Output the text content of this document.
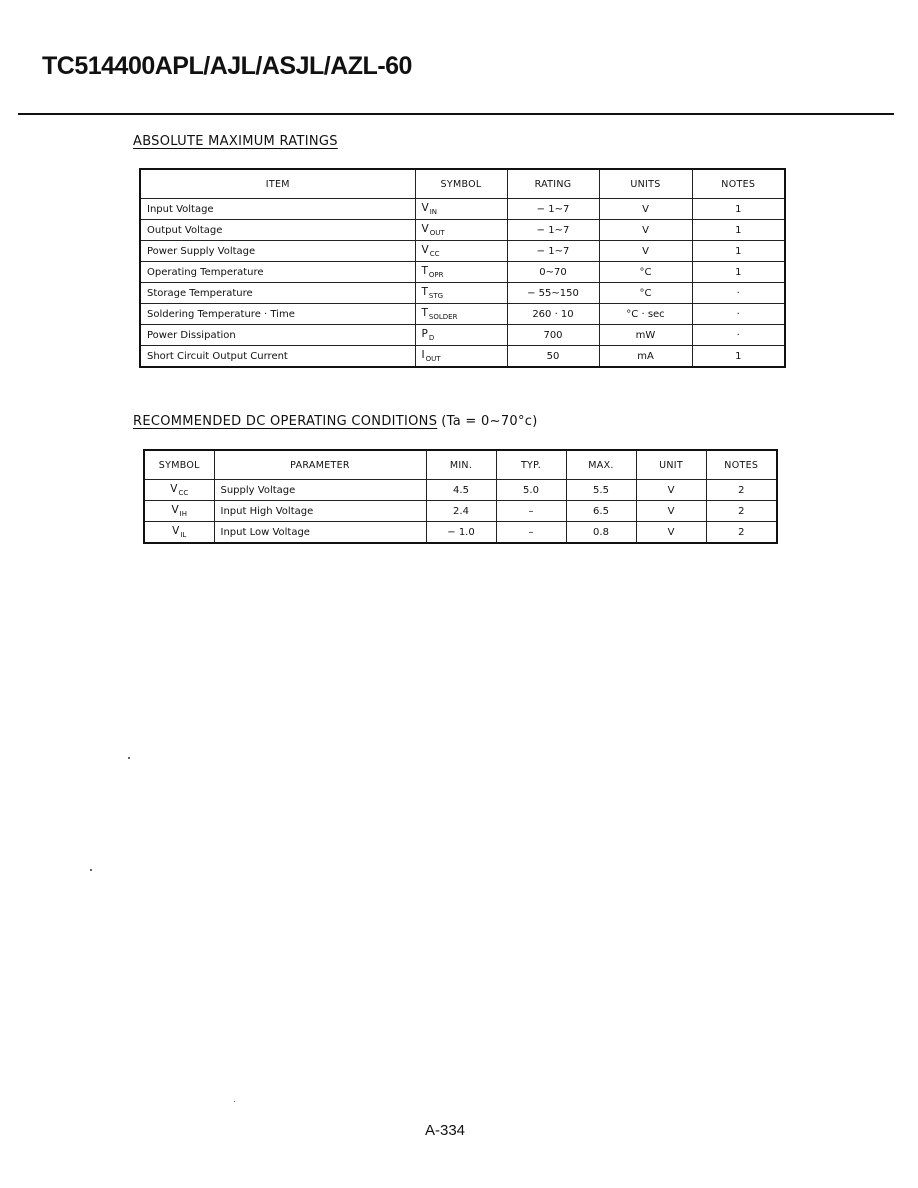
TC514400APL/AJL/ASJL/AZL-60
ABSOLUTE MAXIMUM RATINGS
ITEM	SYMBOL	RATING	UNITS	NOTES
Input Voltage	$V_{IN}$	− 1~7	V	1
Output Voltage	$V_{OUT}$	− 1~7	V	1
Power Supply Voltage	$V_{CC}$	− 1~7	V	1
Operating Temperature	$T_{OPR}$	0~70	°C	1
Storage Temperature	$T_{STG}$	− 55~150	°C	·
Soldering Temperature · Time	$T_{SOLDER}$	260 · 10	°C · sec	·
Power Dissipation	$P_D$	700	mW	·
Short Circuit Output Current	$I_{OUT}$	50	mA	1
RECOMMENDED DC OPERATING CONDITIONS (Ta = 0~70°c)
SYMBOL	PARAMETER	MIN.	TYP.	MAX.	UNIT	NOTES
$V_{CC}$	Supply Voltage	4.5	5.0	5.5	V	2
$V_{IH}$	Input High Voltage	2.4	–	6.5	V	2
$V_{IL}$	Input Low Voltage	− 1.0	–	0.8	V	2
A-334
